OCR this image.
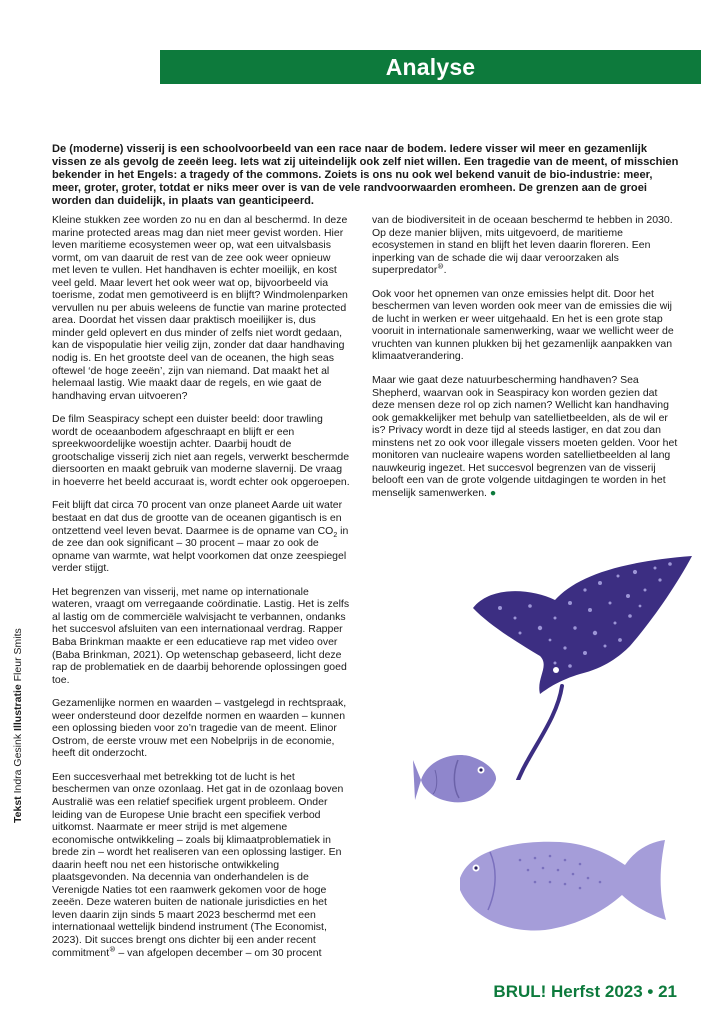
Analyse

De (moderne) visserij is een schoolvoorbeeld van een race naar de bodem. Iedere visser wil meer en gezamenlijk vissen ze als gevolg de zeeën leeg. Iets wat zij uiteindelijk ook zelf niet willen. Een tragedie van de meent, of misschien bekender in het Engels: a tragedy of the commons. Zoiets is ons nu ook wel bekend vanuit de bio-industrie: meer, meer, groter, groter, totdat er niks meer over is van de vele randvoorwaarden eromheen. De grenzen aan de groei worden dan duidelijk, in plaats van geanticipeerd.

Kleine stukken zee worden zo nu en dan al beschermd. In deze marine protected areas mag dan niet meer gevist worden. Hier leven maritieme ecosystemen weer op, wat een uitvalsbasis vormt, om van daaruit de rest van de zee ook weer opnieuw met leven te vullen. Het handhaven is echter moeilijk, en kost veel geld. Maar levert het ook weer wat op, bijvoorbeeld via toerisme, zodat men gemotiveerd is en blijft? Windmolenparken vervullen nu per abuis weleens de functie van marine protected area. Doordat het vissen daar praktisch moeilijker is, dus minder geld oplevert en dus minder of zelfs niet wordt gedaan, kan de vispopulatie hier veilig zijn, zonder dat daar handhaving nodig is. En het grootste deel van de oceanen, the high seas oftewel ‘de hoge zeeën’, zijn van niemand. Dat maakt het al helemaal lastig. Wie maakt daar de regels, en wie gaat de handhaving ervan uitvoeren?

De film Seaspiracy schept een duister beeld: door trawling wordt de oceaanbodem afgeschraapt en blijft er een spreekwoordelijke woestijn achter. Daarbij houdt de grootschalige visserij zich niet aan regels, verwerkt beschermde diersoorten en maakt gebruik van moderne slavernij. De vraag in hoeverre het beeld accuraat is, wordt echter ook opgeroepen.

Feit blijft dat circa 70 procent van onze planeet Aarde uit water bestaat en dat dus de grootte van de oceanen gigantisch is en ontzettend veel leven bevat. Daarmee is de opname van $CO_2$ in de zee dan ook significant – 30 procent – maar zo ook de opname van warmte, wat helpt voorkomen dat onze zeespiegel verder stijgt.

Het begrenzen van visserij, met name op internationale wateren, vraagt om verregaande coördinatie. Lastig. Het is zelfs al lastig om de commerciële walvisjacht te verbannen, ondanks het succesvol afsluiten van een internationaal verdrag. Rapper Baba Brinkman maakte er een educatieve rap met video over (Baba Brinkman, 2021). Op wetenschap gebaseerd, licht deze rap de problematiek en de daarbij behorende oplossingen goed toe.

Gezamenlijke normen en waarden – vastgelegd in rechtspraak, weer ondersteund door dezelfde normen en waarden – kunnen een oplossing bieden voor zo’n tragedie van de meent. Elinor Ostrom, de eerste vrouw met een Nobelprijs in de economie, heeft dit onderzocht.

Een succesverhaal met betrekking tot de lucht is het beschermen van onze ozonlaag. Het gat in de ozonlaag boven Australië was een relatief specifiek urgent probleem. Onder leiding van de Europese Unie bracht een specifiek verbod uitkomst. Naarmate er meer strijd is met algemene economische ontwikkeling – zoals bij klimaatproblematiek in brede zin – wordt het realiseren van een oplossing lastiger. En daarin heeft nou net een historische ontwikkeling plaatsgevonden. Na decennia van onderhandelen is de Verenigde Naties tot een raamwerk gekomen voor de hoge zeeën. Deze wateren buiten de nationale jurisdicties en het leven daarin zijn sinds 5 maart 2023 beschermd met een internationaal wettelijk bindend instrument (The Economist, 2023). Dit succes brengt ons dichter bij een ander recent commitment⑩ – van afgelopen december – om 30 procent

van de biodiversiteit in de oceaan beschermd te hebben in 2030. Op deze manier blijven, mits uitgevoerd, de maritieme ecosystemen in stand en blijft het leven daarin floreren. Een inperking van de schade die wij daar veroorzaken als superpredator⑩.

Ook voor het opnemen van onze emissies helpt dit. Door het beschermen van leven worden ook meer van de emissies die wij de lucht in werken er weer uitgehaald. En het is een grote stap vooruit in internationale samenwerking, waar we wellicht weer de vruchten van kunnen plukken bij het gezamenlijk aanpakken van klimaatverandering.

Maar wie gaat deze natuurbescherming handhaven? Sea Shepherd, waarvan ook in Seaspiracy kon worden gezien dat deze mensen deze rol op zich namen? Wellicht kan handhaving ook gemakkelijker met behulp van satellietbeelden, als de wil er is? Privacy wordt in deze tijd al steeds lastiger, en dat zou dan minstens net zo ook voor illegale vissers moeten gelden. Voor het monitoren van nucleaire wapens worden satellietbeelden al lang nauwkeurig ingezet. Het succesvol begrenzen van de visserij belooft een van de grote volgende uitdagingen te worden in het menselijk samenwerken. ●

Tekst Indra Gesink Illustratie Fleur Smits
BRUL! Herfst 2023 • 21
